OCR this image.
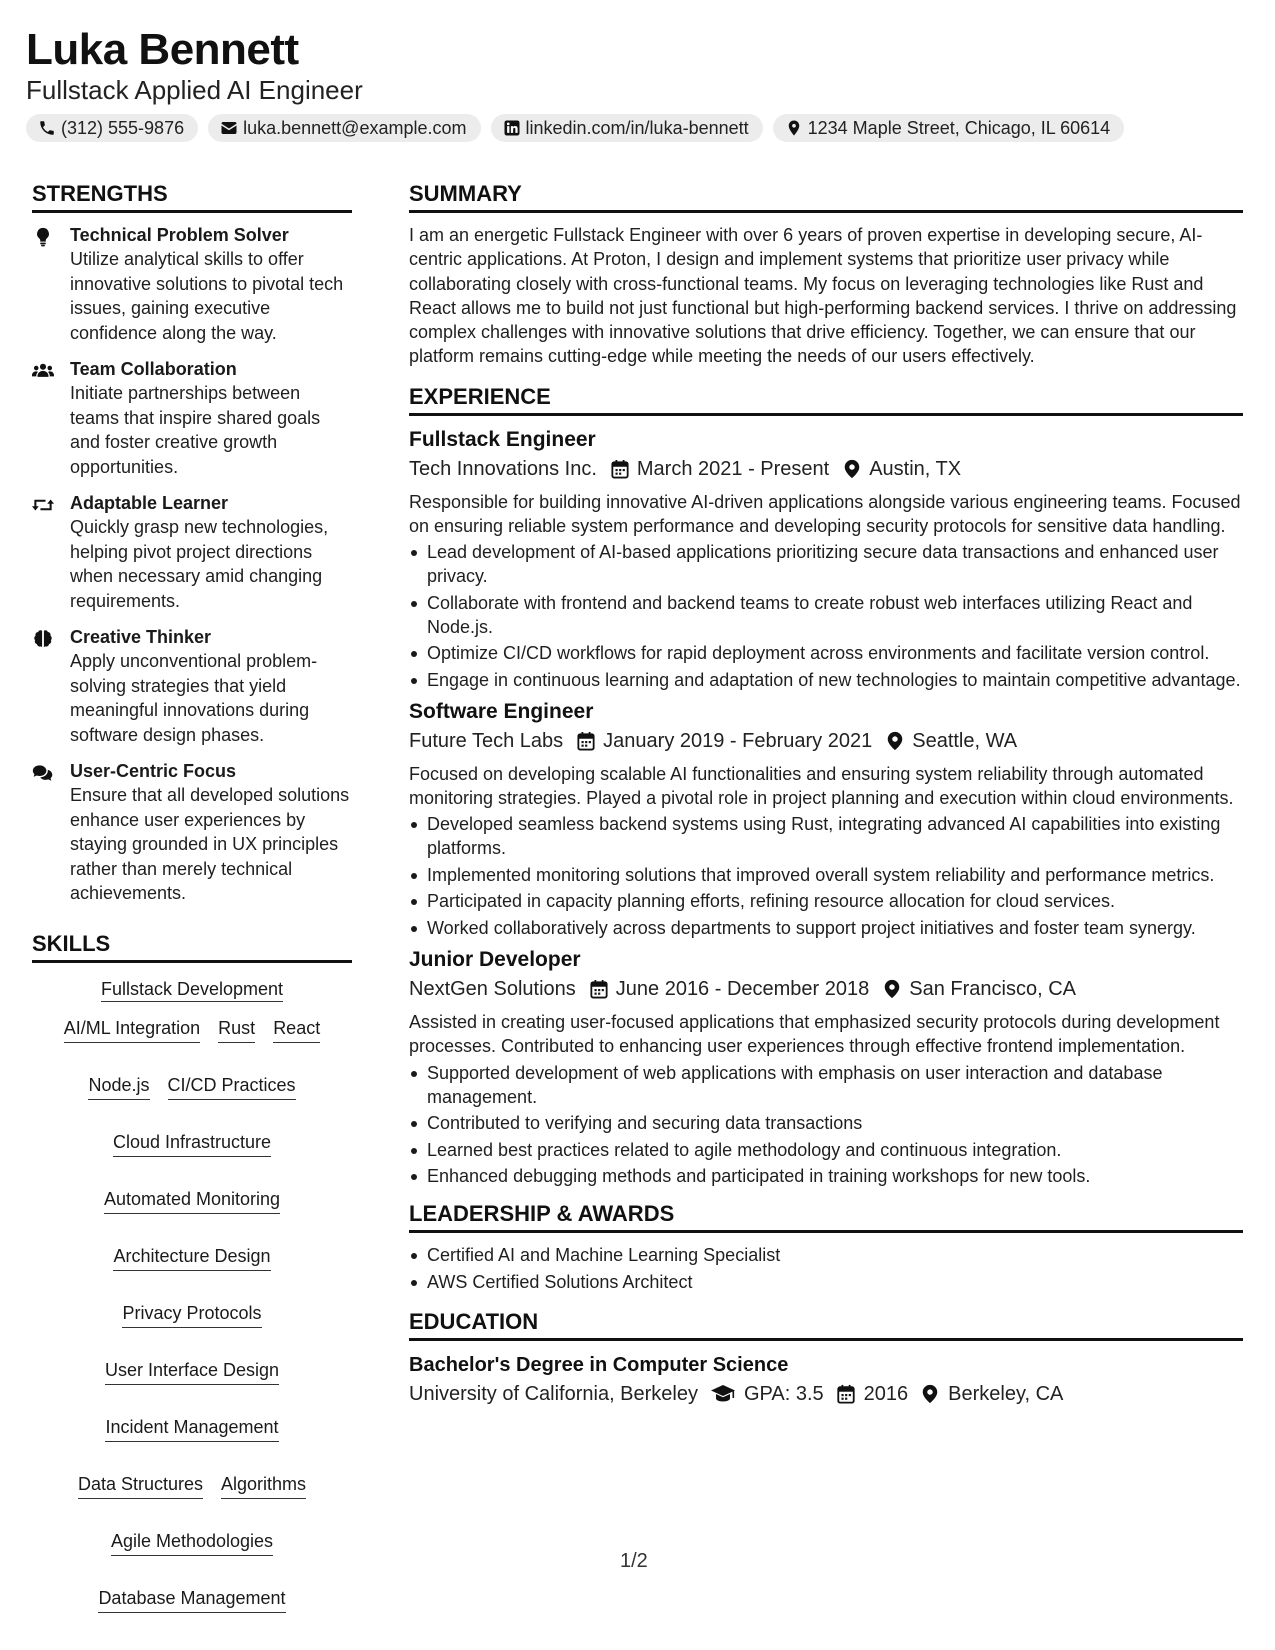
Luka Bennett
Fullstack Applied AI Engineer
(312) 555-9876	luka.bennett@example.com	linkedin.com/in/luka-bennett	1234 Maple Street, Chicago, IL 60614
STRENGTHS
Technical Problem Solver
Utilize analytical skills to offer innovative solutions to pivotal tech issues, gaining executive confidence along the way.
Team Collaboration
Initiate partnerships between teams that inspire shared goals and foster creative growth opportunities.
Adaptable Learner
Quickly grasp new technologies, helping pivot project directions when necessary amid changing requirements.
Creative Thinker
Apply unconventional problem-solving strategies that yield meaningful innovations during software design phases.
User-Centric Focus
Ensure that all developed solutions enhance user experiences by staying grounded in UX principles rather than merely technical achievements.
SKILLS
Fullstack Development
AI/ML Integration Rust React
Node.js CI/CD Practices
Cloud Infrastructure
Automated Monitoring
Architecture Design
Privacy Protocols
User Interface Design
Incident Management
Data Structures Algorithms
Agile Methodologies
Database Management
SUMMARY
I am an energetic Fullstack Engineer with over 6 years of proven expertise in developing secure, AI-centric applications. At Proton, I design and implement systems that prioritize user privacy while collaborating closely with cross-functional teams. My focus on leveraging technologies like Rust and React allows me to build not just functional but high-performing backend services. I thrive on addressing complex challenges with innovative solutions that drive efficiency. Together, we can ensure that our platform remains cutting-edge while meeting the needs of our users effectively.
EXPERIENCE
Fullstack Engineer
Tech Innovations Inc. March 2021 - Present Austin, TX
Responsible for building innovative AI-driven applications alongside various engineering teams. Focused on ensuring reliable system performance and developing security protocols for sensitive data handling.
Lead development of AI-based applications prioritizing secure data transactions and enhanced user privacy.
Collaborate with frontend and backend teams to create robust web interfaces utilizing React and Node.js.
Optimize CI/CD workflows for rapid deployment across environments and facilitate version control.
Engage in continuous learning and adaptation of new technologies to maintain competitive advantage.
Software Engineer
Future Tech Labs January 2019 - February 2021 Seattle, WA
Focused on developing scalable AI functionalities and ensuring system reliability through automated monitoring strategies. Played a pivotal role in project planning and execution within cloud environments.
Developed seamless backend systems using Rust, integrating advanced AI capabilities into existing platforms.
Implemented monitoring solutions that improved overall system reliability and performance metrics.
Participated in capacity planning efforts, refining resource allocation for cloud services.
Worked collaboratively across departments to support project initiatives and foster team synergy.
Junior Developer
NextGen Solutions June 2016 - December 2018 San Francisco, CA
Assisted in creating user-focused applications that emphasized security protocols during development processes. Contributed to enhancing user experiences through effective frontend implementation.
Supported development of web applications with emphasis on user interaction and database management.
Contributed to verifying and securing data transactions
Learned best practices related to agile methodology and continuous integration.
Enhanced debugging methods and participated in training workshops for new tools.
LEADERSHIP & AWARDS
Certified AI and Machine Learning Specialist
AWS Certified Solutions Architect
EDUCATION
Bachelor's Degree in Computer Science
University of California, Berkeley GPA: 3.5 2016 Berkeley, CA
1/2
